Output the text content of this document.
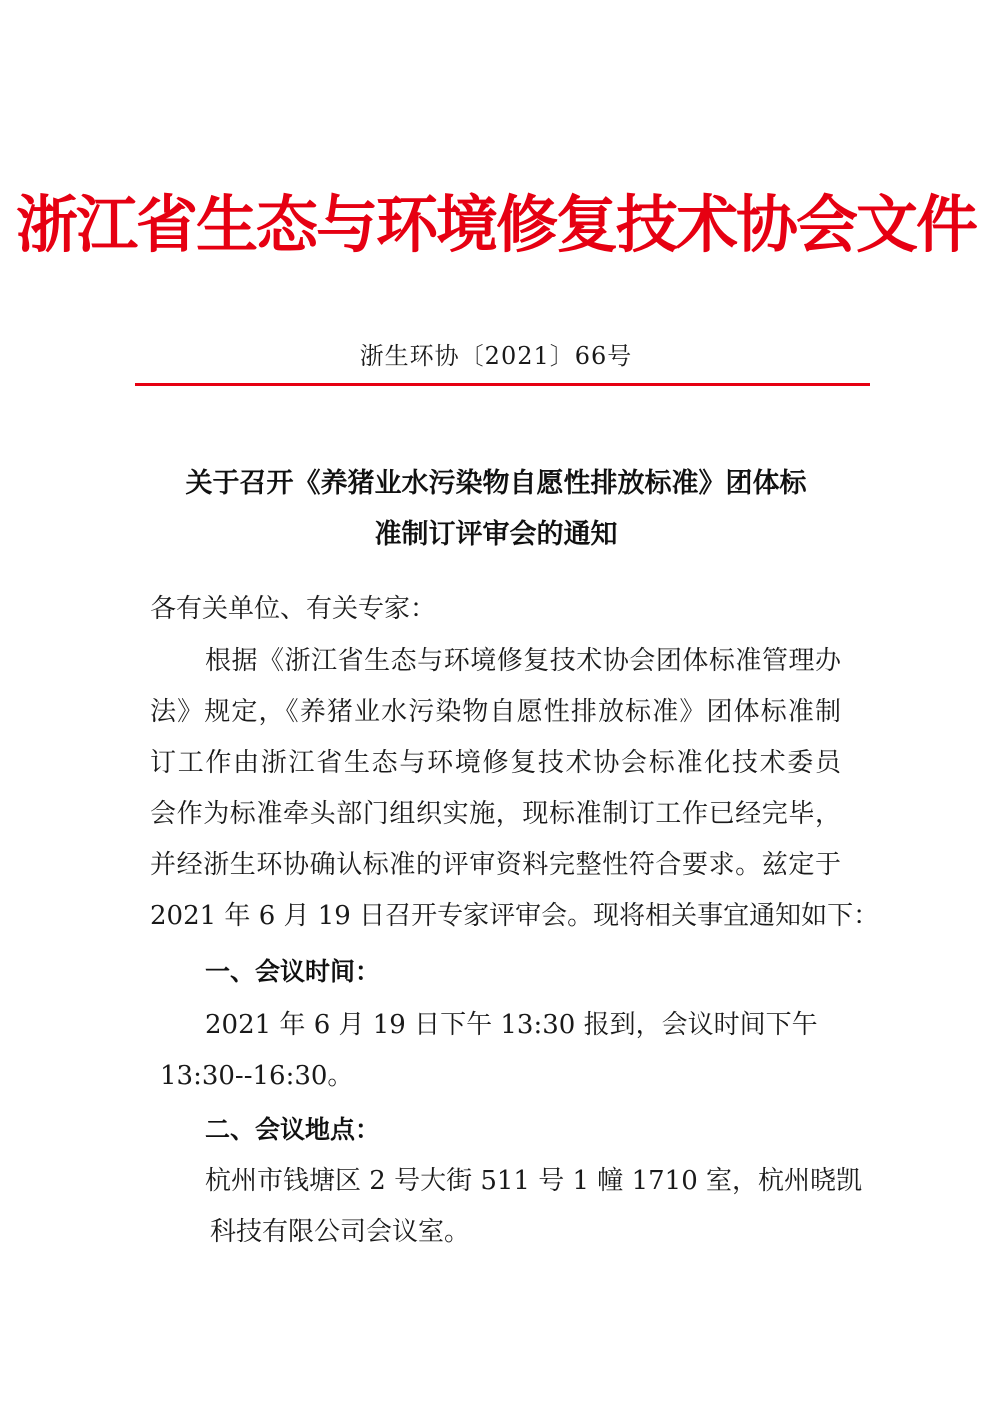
浙江省生态与环境修复技术协会文件
浙生环协〔2021〕66号
关于召开《养猪业水污染物自愿性排放标准》团体标
准制订评审会的通知
各有关单位、有关专家：
根据《浙江省生态与环境修复技术协会团体标准管理办
法》规定，《养猪业水污染物自愿性排放标准》团体标准制
订工作由浙江省生态与环境修复技术协会标准化技术委员
会作为标准牵头部门组织实施，现标准制订工作已经完毕，
并经浙生环协确认标准的评审资料完整性符合要求。兹定于
2021 年 6 月 19 日召开专家评审会。现将相关事宜通知如下：
一、会议时间：
2021 年 6 月 19 日下午 13:30 报到，会议时间下午
13:30--16:30。
二、会议地点：
杭州市钱塘区 2 号大街 511 号 1 幢 1710 室，杭州晓凯
科技有限公司会议室。
